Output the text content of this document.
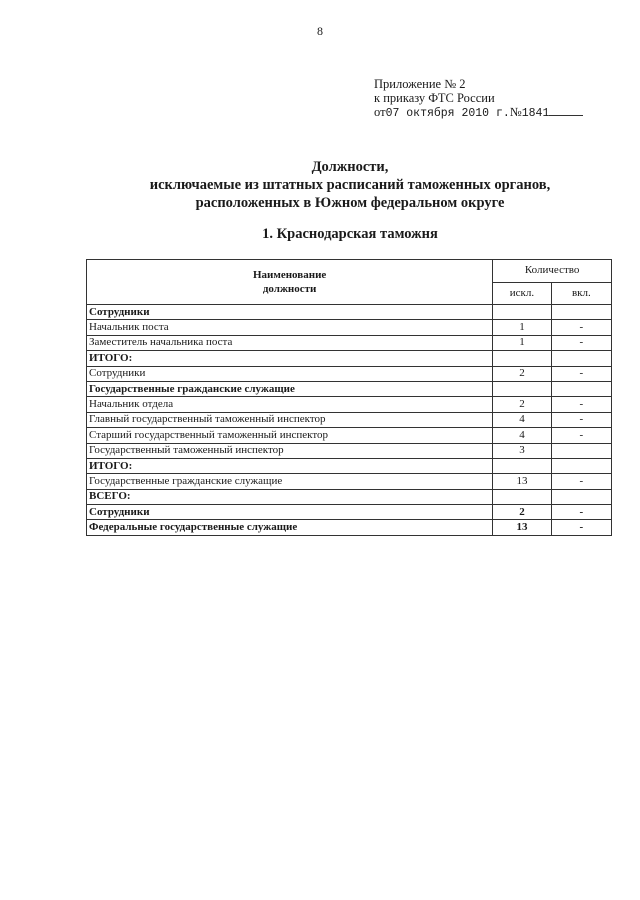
8
Приложение № 2
к приказу ФТС России
от 07 октября 2010 г. № 1841
Должности,
исключаемые из штатных расписаний таможенных органов,
расположенных в Южном федеральном округе
1. Краснодарская таможня
Наименование
должности	Количество	
	искл.	вкл.
Сотрудники		
Начальник поста	1	-
Заместитель начальника поста	1	-
ИТОГО:		
Сотрудники	2	-
Государственные гражданские служащие		
Начальник отдела	2	-
Главный государственный таможенный инспектор	4	-
Старший государственный таможенный инспектор	4	-
Государственный таможенный инспектор	3	
ИТОГО:		
Государственные гражданские служащие	13	-
ВСЕГО:		
Сотрудники	2	-
Федеральные государственные служащие	13	-
